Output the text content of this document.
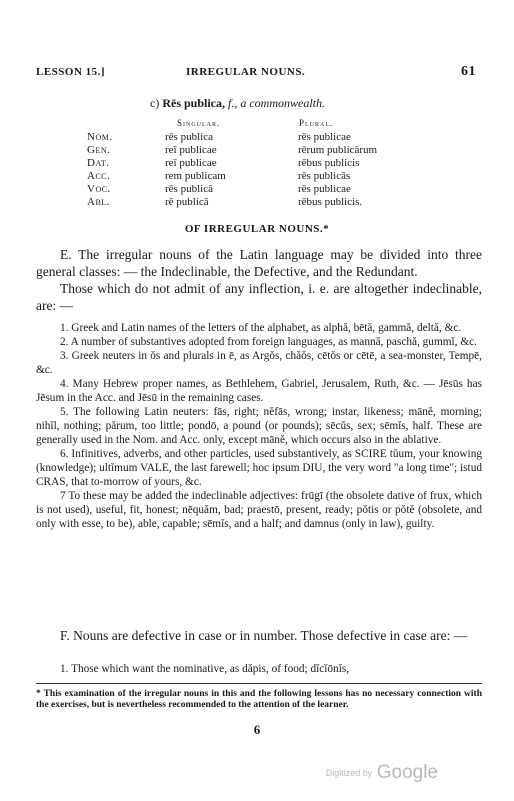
LESSON 15.]	IRREGULAR NOUNS.	61
c) Rēs publica, f., a commonwealth.
Singular.	Plural.
Nom.	rēs publica	rēs publicae
Gen.	reī publicae	rērum publicārum
Dat.	reī publicae	rēbus publicis
Acc.	rem publicam	rēs publicās
Voc.	rēs publică	rēs publicae
Abl.	rē publicā	rēbus publicis.
OF IRREGULAR NOUNS.*

E. The irregular nouns of the Latin language may be divided into three general classes: — the Indeclinable, the Defective, and the Redundant.

Those which do not admit of any inflection, i. e. are altogether indeclinable, are: —

1. Greek and Latin names of the letters of the alphabet, as alphă, bētă, gammă, deltă, &c.

2. A number of substantives adopted from foreign languages, as mannă, paschă, gummĭ, &c.

3. Greek neuters in ŏs and plurals in ē, as Argŏs, chăŏs, cētŏs or cētē, a sea-monster, Tempē, &c.

4. Many Hebrew proper names, as Bethlehem, Gabriel, Jerusalem, Ruth, &c. — Jēsūs has Jēsum in the Acc. and Jēsū in the remaining cases.

5. The following Latin neuters: fās, right; nĕfās, wrong; instar, likeness; mānĕ, morning; nihĭl, nothing; părum, too little; pondō, a pound (or pounds); sēcŭs, sex; sēmĭs, half. These are generally used in the Nom. and Acc. only, except mānĕ, which occurs also in the ablative.

6. Infinitives, adverbs, and other particles, used substantively, as SCIRE tŭum, your knowing (knowledge); ultĭmum VALE, the last farewell; hoc ipsum DIU, the very word "a long time"; istud CRAS, that to-morrow of yours, &c.

7 To these may be added the indeclinable adjectives: frūgī (the obsolete dative of frux, which is not used), useful, fit, honest; nēquăm, bad; praestō, present, ready; pŏtis or pŏtĕ (obsolete, and only with esse, to be), able, capable; sēmĭs, and a half; and damnus (only in law), guilty.

F. Nouns are defective in case or in number. Those defective in case are: —

1. Those which want the nominative, as dăpis, of food; dĭcĭōnĭs,

* This examination of the irregular nouns in this and the following lessons has no necessary connection with the exercises, but is nevertheless recommended to the attention of the learner.
6
Digitized by Google
